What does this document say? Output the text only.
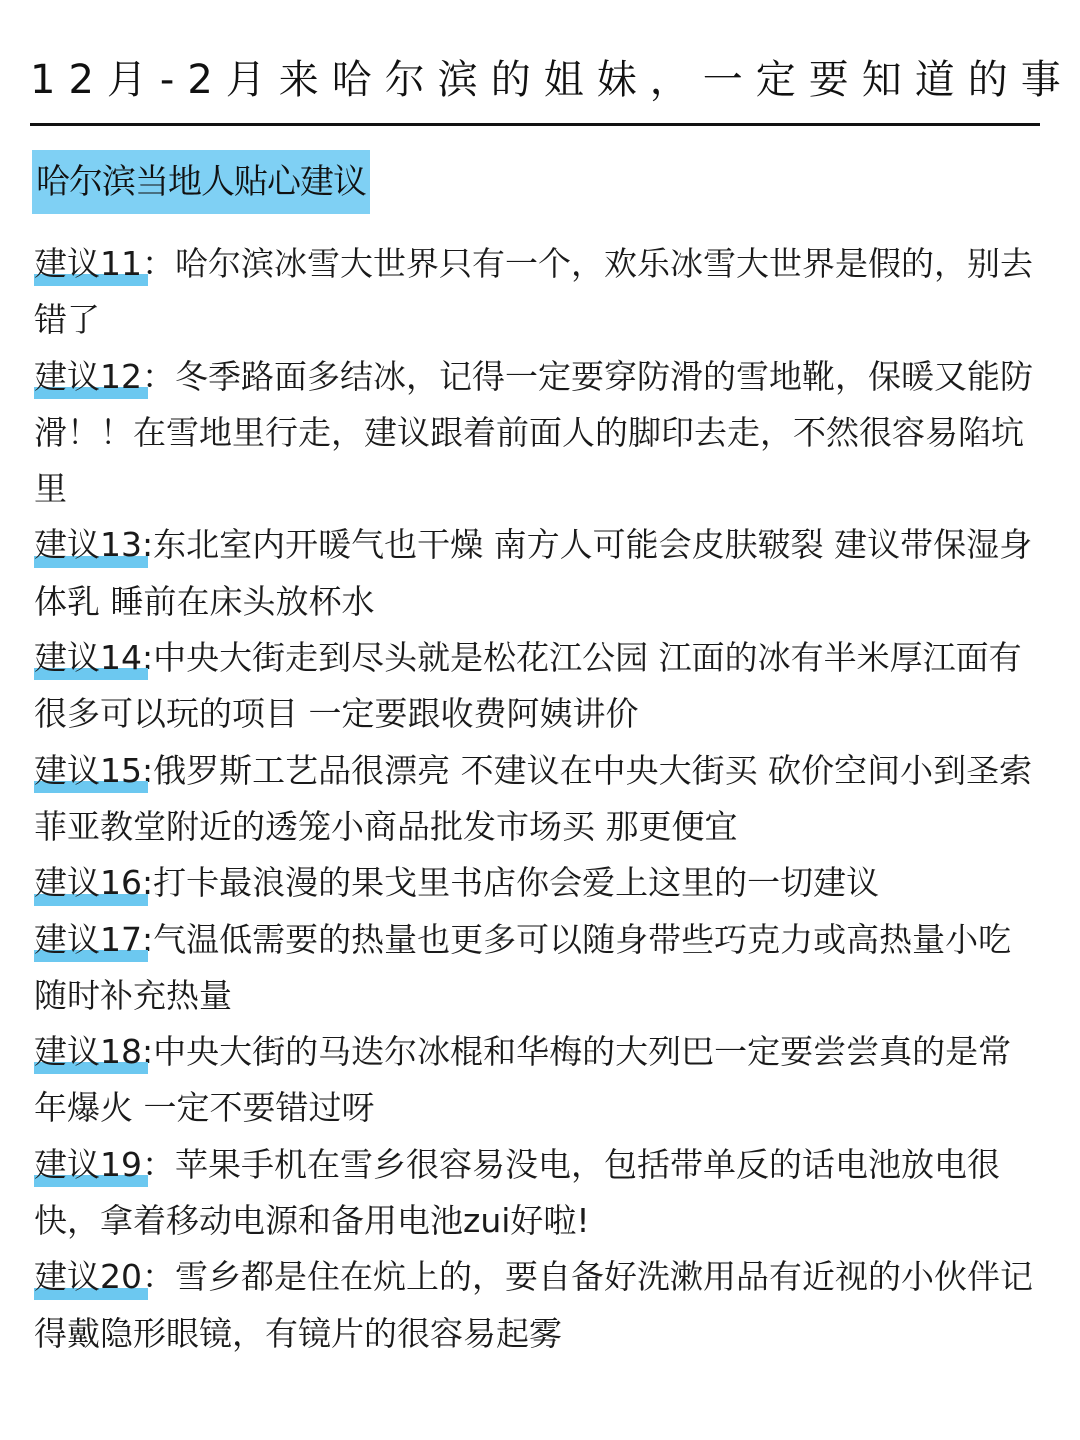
12月-2月来哈尔滨的姐妹，一定要知道的事
哈尔滨当地人贴心建议
建议11：哈尔滨冰雪大世界只有一个，欢乐冰雪大世界是假的，别去错了
建议12：冬季路面多结冰，记得一定要穿防滑的雪地靴，保暖又能防滑！！在雪地里行走，建议跟着前面人的脚印去走，不然很容易陷坑里
建议13:东北室内开暖气也干燥 南方人可能会皮肤皲裂 建议带保湿身体乳 睡前在床头放杯水
建议14:中央大街走到尽头就是松花江公园 江面的冰有半米厚江面有很多可以玩的项目 一定要跟收费阿姨讲价
建议15:俄罗斯工艺品很漂亮 不建议在中央大街买 砍价空间小到圣索菲亚教堂附近的透笼小商品批发市场买 那更便宜
建议16:打卡最浪漫的果戈里书店你会爱上这里的一切建议
建议17:气温低需要的热量也更多可以随身带些巧克力或高热量小吃随时补充热量
建议18:中央大街的马迭尔冰棍和华梅的大列巴一定要尝尝真的是常年爆火 一定不要错过呀
建议19：苹果手机在雪乡很容易没电，包括带单反的话电池放电很快，拿着移动电源和备用电池zui好啦!
建议20：雪乡都是住在炕上的，要自备好洗漱用品有近视的小伙伴记得戴隐形眼镜，有镜片的很容易起雾
